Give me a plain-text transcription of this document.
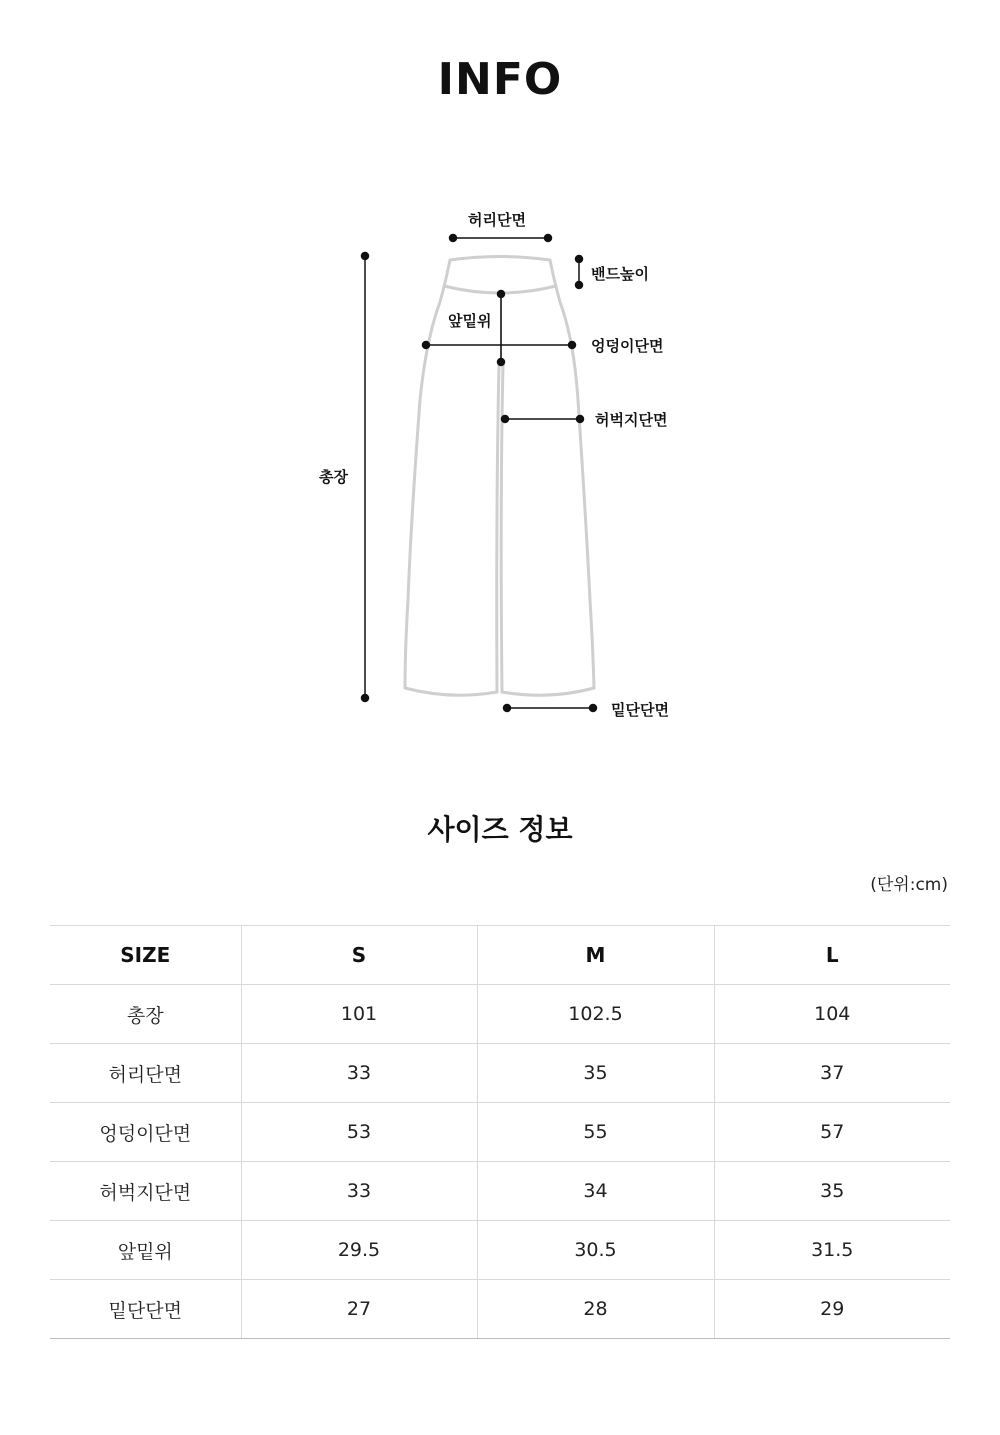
INFO
허리단면
밴드높이
앞밑위
엉덩이단면
허벅지단면
총장
밑단단면
사이즈 정보
(단위:cm)
SIZE	S	M	L
총장	101	102.5	104
허리단면	33	35	37
엉덩이단면	53	55	57
허벅지단면	33	34	35
앞밑위	29.5	30.5	31.5
밑단단면	27	28	29
